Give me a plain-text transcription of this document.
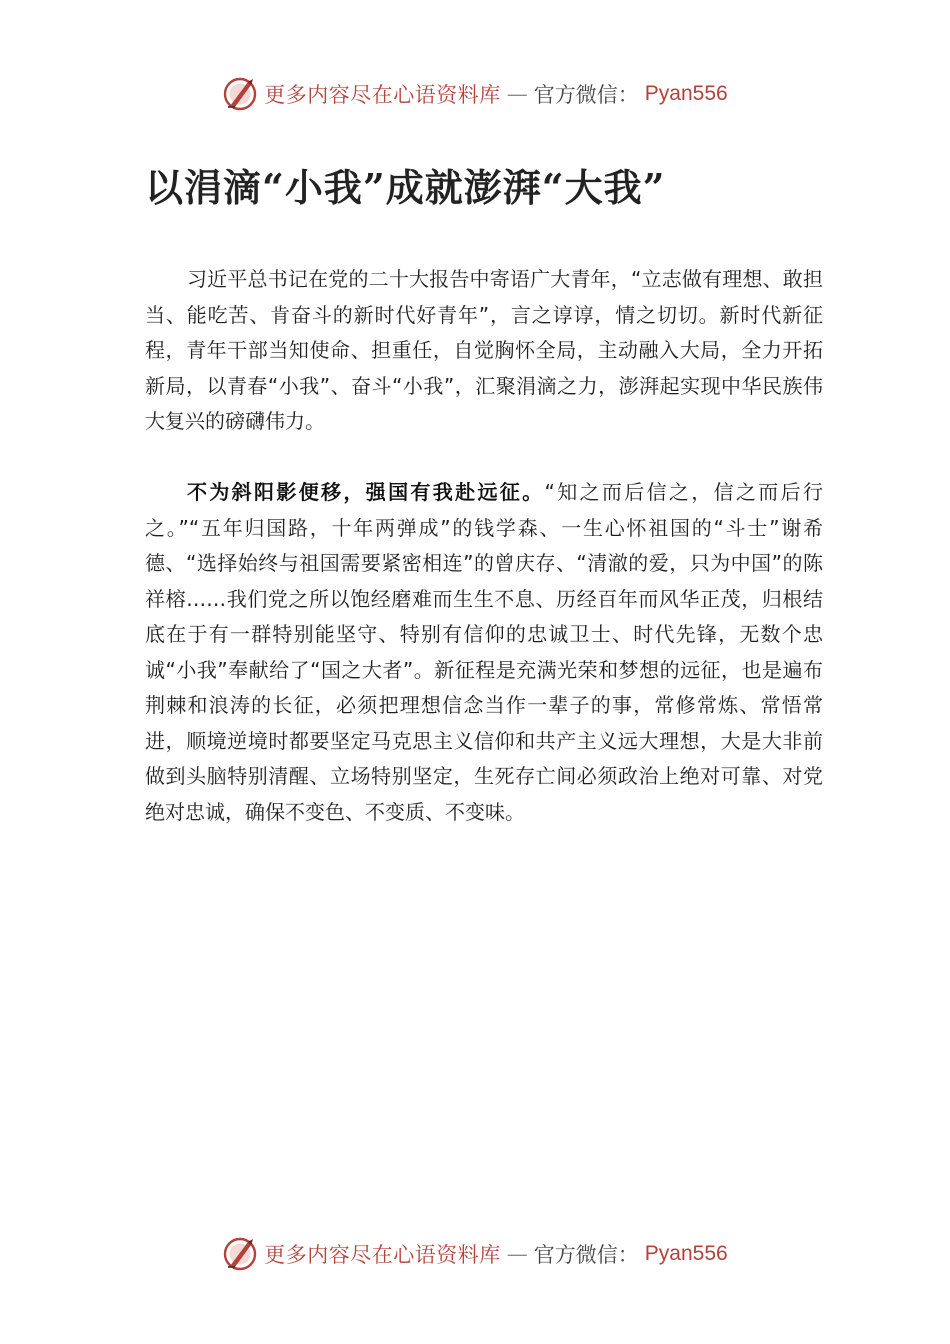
更多内容尽在心语资料库 — 官方微信： Pyan556
以涓滴“小我”成就澎湃“大我”

习近平总书记在党的二十大报告中寄语广大青年，“立志做有理想、敢担当、能吃苦、肯奋斗的新时代好青年”，言之谆谆，情之切切。新时代新征程，青年干部当知使命、担重任，自觉胸怀全局，主动融入大局，全力开拓新局，以青春“小我”、奋斗“小我”，汇聚涓滴之力，澎湃起实现中华民族伟大复兴的磅礴伟力。

不为斜阳影便移，强国有我赴远征。“知之而后信之，信之而后行之。”“五年归国路，十年两弹成”的钱学森、一生心怀祖国的“斗士”谢希德、“选择始终与祖国需要紧密相连”的曾庆存、“清澈的爱，只为中国”的陈祥榕……我们党之所以饱经磨难而生生不息、历经百年而风华正茂，归根结底在于有一群特别能坚守、特别有信仰的忠诚卫士、时代先锋，无数个忠诚“小我”奉献给了“国之大者”。新征程是充满光荣和梦想的远征，也是遍布荆棘和浪涛的长征，必须把理想信念当作一辈子的事，常修常炼、常悟常进，顺境逆境时都要坚定马克思主义信仰和共产主义远大理想，大是大非前做到头脑特别清醒、立场特别坚定，生死存亡间必须政治上绝对可靠、对党绝对忠诚，确保不变色、不变质、不变味。

更多内容尽在心语资料库 — 官方微信： Pyan556
